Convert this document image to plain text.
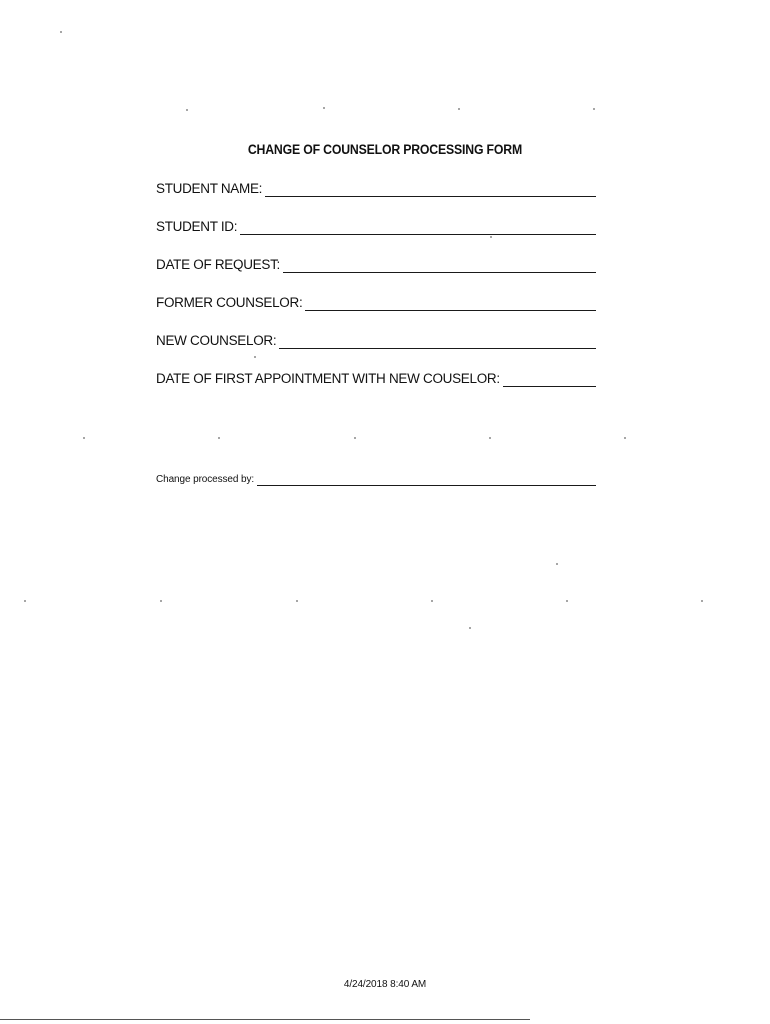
CHANGE OF COUNSELOR PROCESSING FORM
STUDENT NAME:
STUDENT ID:
DATE OF REQUEST:
FORMER COUNSELOR:
NEW COUNSELOR:
DATE OF FIRST APPOINTMENT WITH NEW COUSELOR:
Change processed by:
4/24/2018 8:40 AM
